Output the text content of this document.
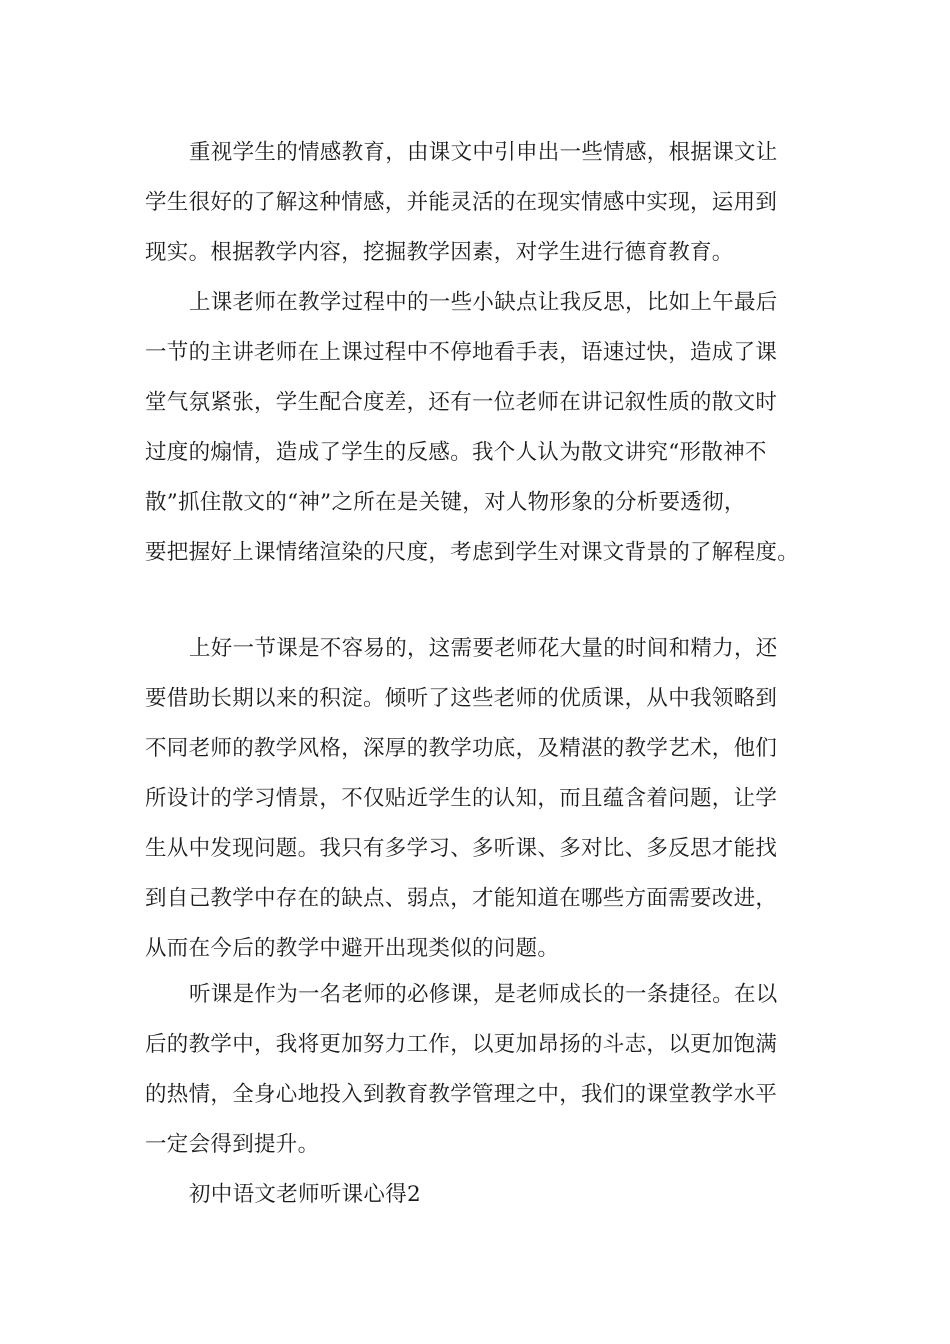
重视学生的情感教育，由课文中引申出一些情感，根据课文让
学生很好的了解这种情感，并能灵活的在现实情感中实现，运用到
现实。根据教学内容，挖掘教学因素，对学生进行德育教育。
上课老师在教学过程中的一些小缺点让我反思，比如上午最后
一节的主讲老师在上课过程中不停地看手表，语速过快，造成了课
堂气氛紧张，学生配合度差，还有一位老师在讲记叙性质的散文时
过度的煽情，造成了学生的反感。我个人认为散文讲究“形散神不
散”抓住散文的“神”之所在是关键，对人物形象的分析要透彻，
要把握好上课情绪渲染的尺度，考虑到学生对课文背景的了解程度。
上好一节课是不容易的，这需要老师花大量的时间和精力，还
要借助长期以来的积淀。倾听了这些老师的优质课，从中我领略到
不同老师的教学风格，深厚的教学功底，及精湛的教学艺术，他们
所设计的学习情景，不仅贴近学生的认知，而且蕴含着问题，让学
生从中发现问题。我只有多学习、多听课、多对比、多反思才能找
到自己教学中存在的缺点、弱点，才能知道在哪些方面需要改进，
从而在今后的教学中避开出现类似的问题。
听课是作为一名老师的必修课，是老师成长的一条捷径。在以
后的教学中，我将更加努力工作，以更加昂扬的斗志，以更加饱满
的热情，全身心地投入到教育教学管理之中，我们的课堂教学水平
一定会得到提升。
初中语文老师听课心得2
